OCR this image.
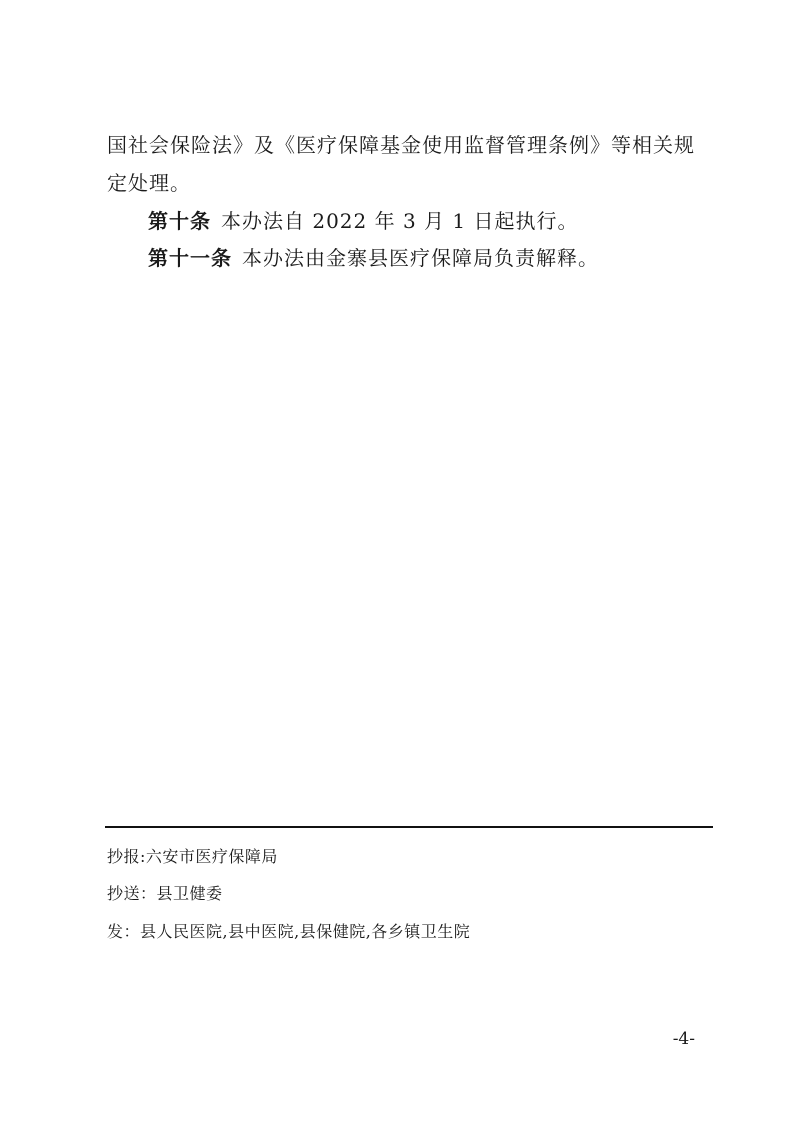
国社会保险法》及《医疗保障基金使用监督管理条例》等相关规
定处理。
第十条 本办法自 2022 年 3 月 1 日起执行。
第十一条 本办法由金寨县医疗保障局负责解释。
抄报:六安市医疗保障局
抄送：县卫健委
发：县人民医院,县中医院,县保健院,各乡镇卫生院
-4-
